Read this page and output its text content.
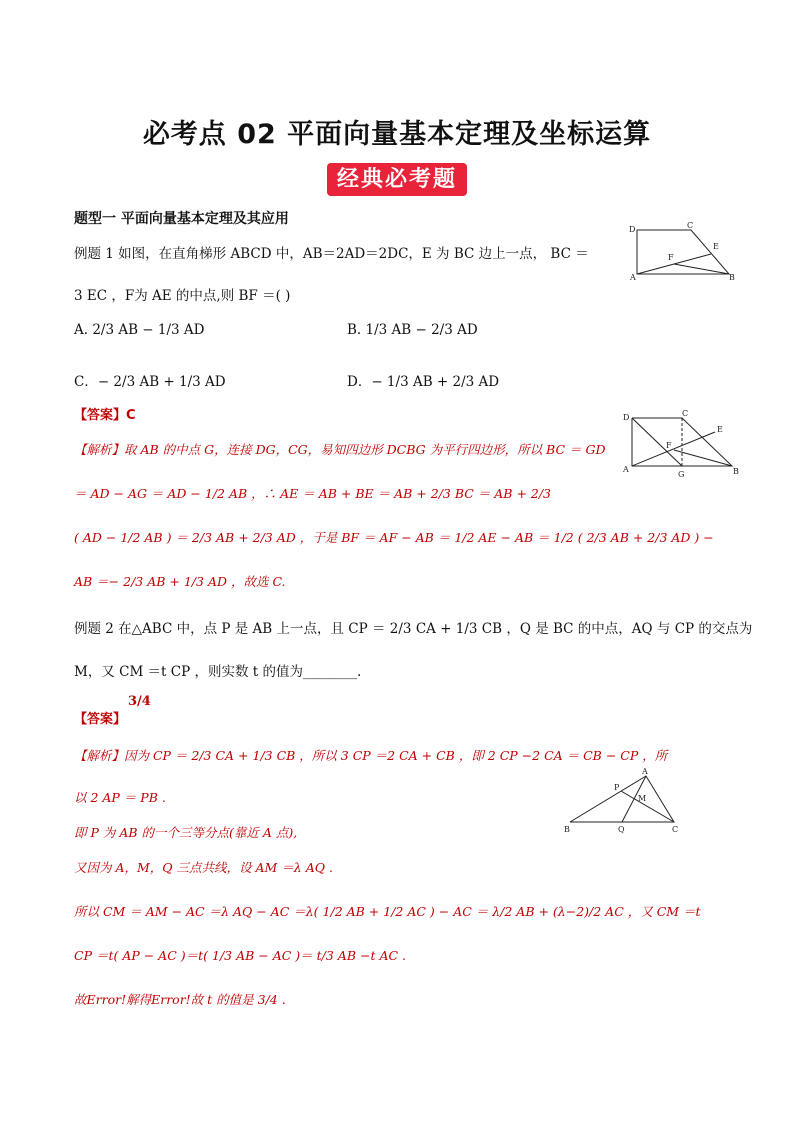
必考点 02 平面向量基本定理及坐标运算
经典必考题
题型一 平面向量基本定理及其应用
例题 1 如图，在直角梯形 ABCD 中，AB＝2AD＝2DC，E 为 BC 边上一点， BC ＝
3 EC ，F为 AE 的中点,则 BF ＝( )
A. 2/3 AB − 1/3 AD	B. 1/3 AB − 2/3 AD
C．− 2/3 AB + 1/3 AD	D．− 1/3 AB + 2/3 AD
【答案】C
【解析】取 AB 的中点 G，连接 DG，CG，易知四边形 DCBG 为平行四边形，所以 BC ＝ GD
＝ AD − AG ＝ AD − 1/2 AB ，∴ AE ＝ AB + BE ＝ AB + 2/3 BC ＝ AB + 2/3
( AD − 1/2 AB ) ＝ 2/3 AB + 2/3 AD ，于是 BF ＝ AF − AB ＝ 1/2 AE − AB ＝ 1/2 ( 2/3 AB + 2/3 AD ) −
AB ＝− 2/3 AB + 1/3 AD ，故选 C.
例题 2 在△ABC 中，点 P 是 AB 上一点，且 CP ＝ 2/3 CA + 1/3 CB ，Q 是 BC 的中点，AQ 与 CP 的交点为
M，又 CM ＝t CP ，则实数 t 的值为________.
【答案】
3/4
【解析】因为 CP ＝ 2/3 CA + 1/3 CB ，所以 3 CP ＝2 CA + CB ，即 2 CP −2 CA ＝ CB − CP ，所
以 2 AP ＝ PB .
即 P 为 AB 的一个三等分点(靠近 A 点),
又因为 A，M，Q 三点共线，设 AM ＝λ AQ .
所以 CM ＝ AM − AC ＝λ AQ − AC ＝λ( 1/2 AB + 1/2 AC ) − AC ＝ λ/2 AB + (λ−2)/2 AC ，又 CM ＝t
CP ＝t( AP − AC )＝t( 1/3 AB − AC )＝ t/3 AB −t AC .
故Error!解得Error!故 t 的值是 3/4 .
D	C
E
F
A	B
D	C
E
F
A
G	B
A
P
M
B	Q	C
